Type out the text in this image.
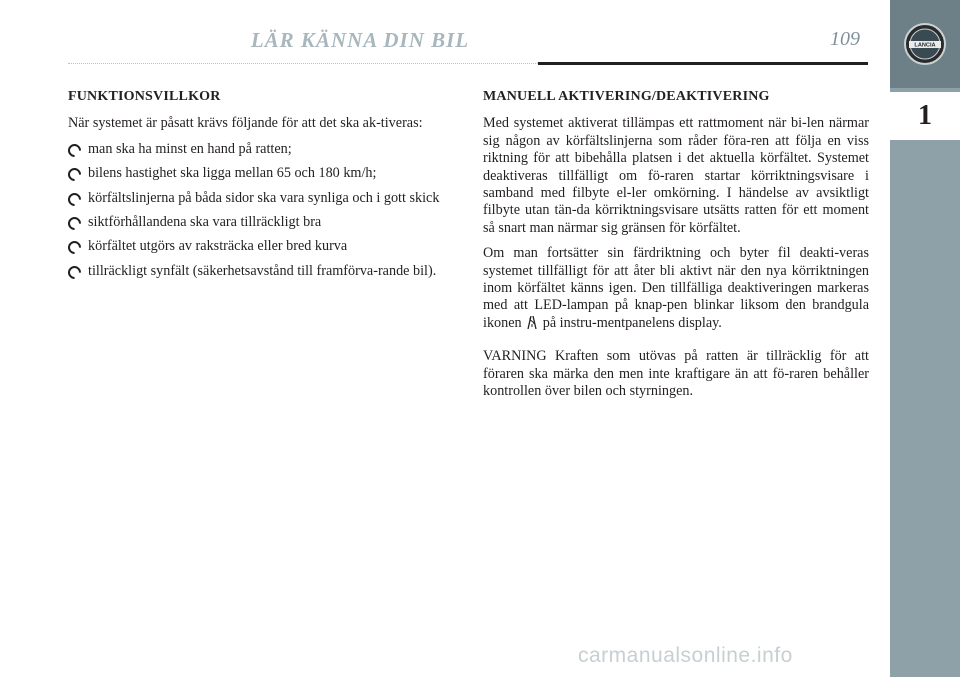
LÄR KÄNNA DIN BIL	109	LANCIA
1
FUNKTIONSVILLKOR

När systemet är påsatt krävs följande för att det ska ak-tiveras:

man ska ha minst en hand på ratten;
bilens hastighet ska ligga mellan 65 och 180 km/h;
körfältslinjerna på båda sidor ska vara synliga och i gott skick
siktförhållandena ska vara tillräckligt bra
körfältet utgörs av raksträcka eller bred kurva
tillräckligt synfält (säkerhetsavstånd till framförva-rande bil).
MANUELL AKTIVERING/DEAKTIVERING

Med systemet aktiverat tillämpas ett rattmoment när bi-len närmar sig någon av körfältslinjerna som råder föra-ren att följa en viss riktning för att bibehålla platsen i det aktuella körfältet. Systemet deaktiveras tillfälligt om fö-raren startar körriktningsvisare i samband med filbyte el-ler omkörning. I händelse av avsiktligt filbyte utan tän-da körriktningsvisare utsätts ratten för ett moment så snart man närmar sig gränsen för körfältet.

Om man fortsätter sin färdriktning och byter fil deakti-veras systemet tillfälligt för att åter bli aktivt när den nya körriktningen inom körfältet känns igen. Den tillfälliga deaktiveringen markeras med att LED-lampan på knap-pen blinkar liksom den brandgula ikonen på instru-mentpanelens display.

VARNING Kraften som utövas på ratten är tillräcklig för att föraren ska märka den men inte kraftigare än att fö-raren behåller kontrollen över bilen och styrningen.

carmanualsonline.info
